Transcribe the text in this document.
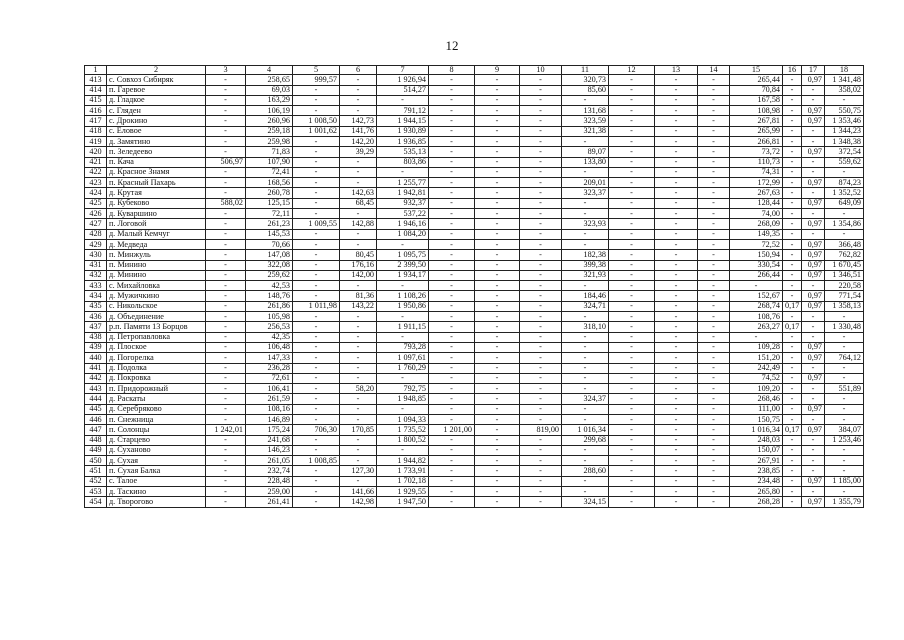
12
1	2	3	4	5	6	7	8	9	10	11	12	13	14	15	16	17	18
413	с. Совхоз Сибиряк	-	258,65	999,57	-	1 926,94	-	-	-	320,73	-	-	-	265,44	-	0,97	1 341,48
414	п. Гаревое	-	69,03	-	-	514,27	-	-	-	85,60	-	-	-	70,84	-	-	358,02
415	д. Гладкое	-	163,29	-	-	-	-	-	-	-	-	-	-	167,58	-	-	-
416	с. Гляден	-	106,19	-	-	791,12	-	-	-	131,68	-	-	-	108,98	-	0,97	550,75
417	с. Дрокино	-	260,96	1 008,50	142,73	1 944,15	-	-	-	323,59	-	-	-	267,81	-	0,97	1 353,46
418	с. Еловое	-	259,18	1 001,62	141,76	1 930,89	-	-	-	321,38	-	-	-	265,99	-	-	1 344,23
419	д. Замятино	-	259,98	-	142,20	1 936,85	-	-	-	-	-	-	-	266,81	-	-	1 348,38
420	п. Зеледеево	-	71,83	-	39,29	535,13	-	-	-	89,07	-	-	-	73,72	-	0,97	372,54
421	п. Кача	506,97	107,90	-	-	803,86	-	-	-	133,80	-	-	-	110,73	-	-	559,62
422	д. Красное Знамя	-	72,41	-	-	-	-	-	-	-	-	-	-	74,31	-	-	-
423	п. Красный Пахарь	-	168,56	-	-	1 255,77	-	-	-	209,01	-	-	-	172,99	-	0,97	874,23
424	д. Крутая	-	260,78	-	142,63	1 942,81	-	-	-	323,37	-	-	-	267,63	-	-	1 352,52
425	д. Кубеково	588,02	125,15	-	68,45	932,37	-	-	-	-	-	-	-	128,44	-	0,97	649,09
426	д. Куваршино	-	72,11	-	-	537,22	-	-	-	-	-	-	-	74,00	-	-	-
427	п. Логовой	-	261,23	1 009,55	142,88	1 946,16	-	-	-	323,93	-	-	-	268,09	-	0,97	1 354,86
428	д. Малый Кемчуг	-	145,53	-	-	1 084,20	-	-	-	-	-	-	-	149,35	-	-	-
429	д. Медведа	-	70,66	-	-	-	-	-	-	-	-	-	-	72,52	-	0,97	366,48
430	п. Минжуль	-	147,08	-	80,45	1 095,75	-	-	-	182,38	-	-	-	150,94	-	0,97	762,82
431	п. Минино	-	322,08	-	176,16	2 399,50	-	-	-	399,38	-	-	-	330,54	-	0,97	1 670,45
432	д. Минино	-	259,62	-	142,00	1 934,17	-	-	-	321,93	-	-	-	266,44	-	0,97	1 346,51
433	с. Михайловка	-	42,53	-	-	-	-	-	-	-	-	-	-	-	-	-	220,58
434	д. Мужичкино	-	148,76	-	81,36	1 108,26	-	-	-	184,46	-	-	-	152,67	-	0,97	771,54
435	с. Никольское	-	261,86	1 011,98	143,22	1 950,86	-	-	-	324,71	-	-	-	268,74	0,17	0,97	1 358,13
436	д. Объединение	-	105,98	-	-	-	-	-	-	-	-	-	-	108,76	-	-	-
437	р.п. Памяти 13 Борцов	-	256,53	-	-	1 911,15	-	-	-	318,10	-	-	-	263,27	0,17	-	1 330,48
438	д. Петропавловка	-	42,35	-	-	-	-	-	-	-	-	-	-	-	-	-	-
439	д. Плоское	-	106,48	-	-	793,28	-	-	-	-	-	-	-	109,28	-	0,97	-
440	д. Погорелка	-	147,33	-	-	1 097,61	-	-	-	-	-	-	-	151,20	-	0,97	764,12
441	д. Подолка	-	236,28	-	-	1 760,29	-	-	-	-	-	-	-	242,49	-	-	-
442	д. Покровка	-	72,61	-	-	-	-	-	-	-	-	-	-	74,52	-	0,97	-
443	п. Придорожный	-	106,41	-	58,20	792,75	-	-	-	-	-	-	-	109,20	-	-	551,89
444	д. Раскаты	-	261,59	-	-	1 948,85	-	-	-	324,37	-	-	-	268,46	-	-	-
445	д. Серебряково	-	108,16	-	-	-	-	-	-	-	-	-	-	111,00	-	0,97	-
446	п. Снежница	-	146,89	-	-	1 094,33	-	-	-	-	-	-	-	150,75	-	-	-
447	п. Солонцы	1 242,01	175,24	706,30	170,85	1 735,52	1 201,00	-	819,00	1 016,34	-	-	-	1 016,34	0,17	0,97	384,07
448	д. Старцево	-	241,68	-	-	1 800,52	-	-	-	299,68	-	-	-	248,03	-	-	1 253,46
449	д. Суханово	-	146,23	-	-	-	-	-	-	-	-	-	-	150,07	-	-	-
450	д. Сухая	-	261,05	1 008,85	-	1 944,82	-	-	-	-	-	-	-	267,91	-	-	-
451	п. Сухая Балка	-	232,74	-	127,30	1 733,91	-	-	-	288,60	-	-	-	238,85	-	-	-
452	с. Талое	-	228,48	-	-	1 702,18	-	-	-	-	-	-	-	234,48	-	0,97	1 185,00
453	д. Таскино	-	259,00	-	141,66	1 929,55	-	-	-	-	-	-	-	265,80	-	-	-
454	д. Творогово	-	261,41	-	142,98	1 947,50	-	-	-	324,15	-	-	-	268,28	-	0,97	1 355,79
